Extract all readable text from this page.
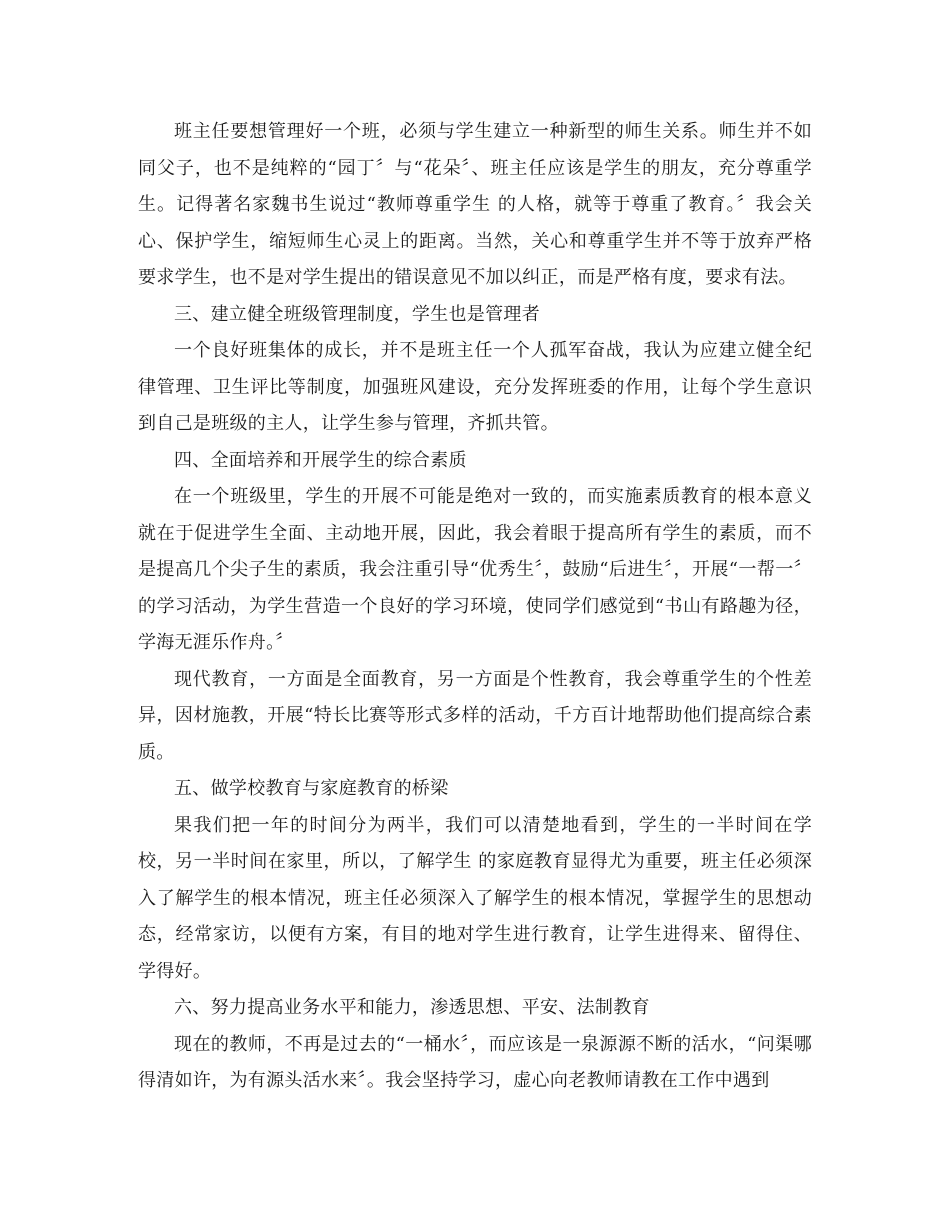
班主任要想管理好一个班，必须与学生建立一种新型的师生关系。师生并不如同父子，也不是纯粹的“园丁〞与“花朵〞、班主任应该是学生的朋友，充分尊重学生。记得著名家魏书生说过“教师尊重学生 的人格，就等于尊重了教育。〞我会关心、保护学生，缩短师生心灵上的距离。当然，关心和尊重学生并不等于放弃严格要求学生，也不是对学生提出的错误意见不加以纠正，而是严格有度，要求有法。

三、建立健全班级管理制度，学生也是管理者

一个良好班集体的成长，并不是班主任一个人孤军奋战，我认为应建立健全纪律管理、卫生评比等制度，加强班风建设，充分发挥班委的作用，让每个学生意识到自己是班级的主人，让学生参与管理，齐抓共管。

四、全面培养和开展学生的综合素质

在一个班级里，学生的开展不可能是绝对一致的，而实施素质教育的根本意义就在于促进学生全面、主动地开展，因此，我会着眼于提高所有学生的素质，而不是提高几个尖子生的素质，我会注重引导“优秀生〞，鼓励“后进生〞，开展“一帮一〞的学习活动，为学生营造一个良好的学习环境，使同学们感觉到“书山有路趣为径，学海无涯乐作舟。〞

现代教育，一方面是全面教育，另一方面是个性教育，我会尊重学生的个性差异，因材施教，开展“特长比赛等形式多样的活动，千方百计地帮助他们提高综合素质。

五、做学校教育与家庭教育的桥梁

果我们把一年的时间分为两半，我们可以清楚地看到，学生的一半时间在学校，另一半时间在家里，所以，了解学生 的家庭教育显得尤为重要，班主任必须深入了解学生的根本情况，班主任必须深入了解学生的根本情况，掌握学生的思想动态，经常家访，以便有方案，有目的地对学生进行教育，让学生进得来、留得住、学得好。

六、努力提高业务水平和能力，渗透思想、平安、法制教育

现在的教师，不再是过去的“一桶水〞，而应该是一泉源源不断的活水，“问渠哪得清如许，为有源头活水来〞。我会坚持学习，虚心向老教师请教在工作中遇到
